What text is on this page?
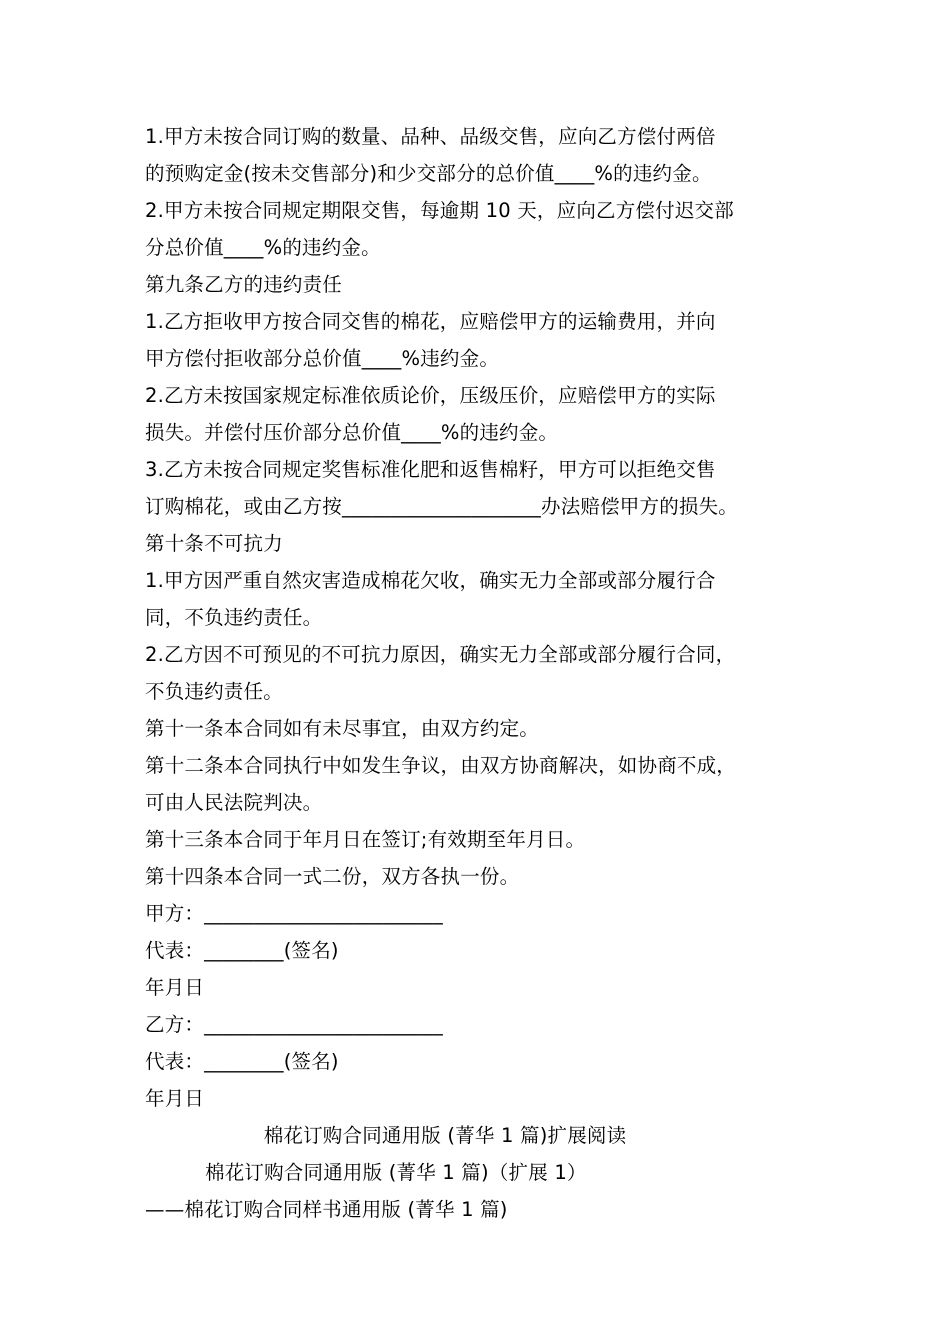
1.甲方未按合同订购的数量、品种、品级交售，应向乙方偿付两倍
的预购定金(按未交售部分)和少交部分的总价值____%的违约金。
2.甲方未按合同规定期限交售，每逾期 10 天，应向乙方偿付迟交部
分总价值____%的违约金。
第九条乙方的违约责任
1.乙方拒收甲方按合同交售的棉花，应赔偿甲方的运输费用，并向
甲方偿付拒收部分总价值____%违约金。
2.乙方未按国家规定标准依质论价，压级压价，应赔偿甲方的实际
损失。并偿付压价部分总价值____%的违约金。
3.乙方未按合同规定奖售标准化肥和返售棉籽，甲方可以拒绝交售
订购棉花，或由乙方按____________________办法赔偿甲方的损失。
第十条不可抗力
1.甲方因严重自然灾害造成棉花欠收，确实无力全部或部分履行合
同，不负违约责任。
2.乙方因不可预见的不可抗力原因，确实无力全部或部分履行合同，
不负违约责任。
第十一条本合同如有未尽事宜，由双方约定。
第十二条本合同执行中如发生争议，由双方协商解决，如协商不成，
可由人民法院判决。
第十三条本合同于年月日在签订;有效期至年月日。
第十四条本合同一式二份，双方各执一份。
甲方：________________________
代表：________(签名)
年月日
乙方：________________________
代表：________(签名)
年月日
棉花订购合同通用版 (菁华 1 篇)扩展阅读
棉花订购合同通用版 (菁华 1 篇)（扩展 1）
——棉花订购合同样书通用版 (菁华 1 篇)
